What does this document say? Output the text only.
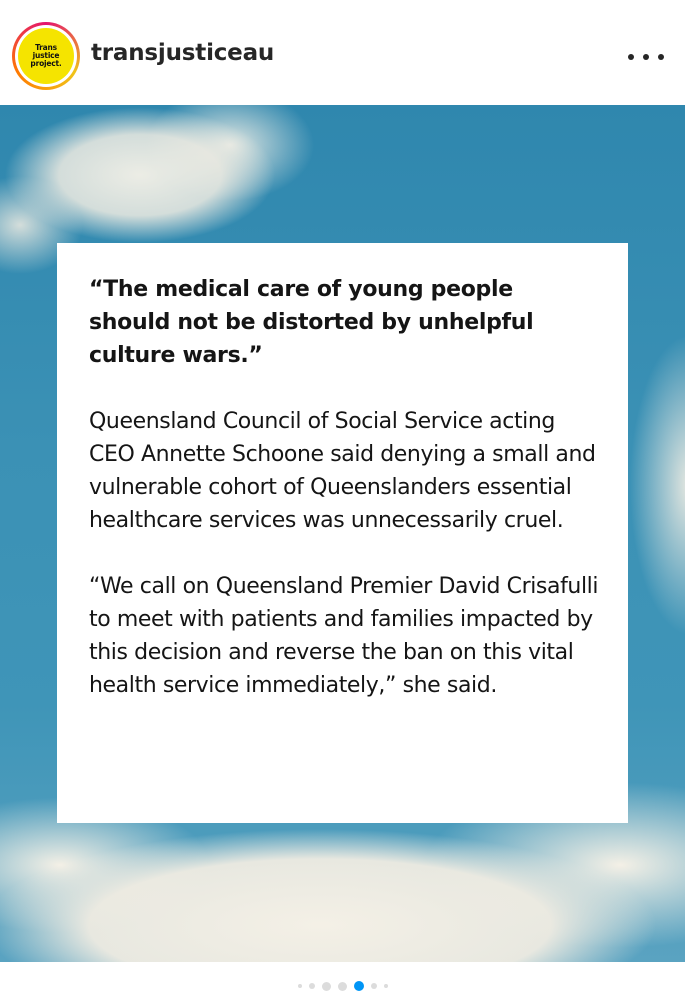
Trans
justice
project. transjusticeau

“The medical care of young people should not be distorted by unhelpful culture wars.”

Queensland Council of Social Service acting CEO Annette Schoone said denying a small and vulnerable cohort of Queenslanders essential healthcare services was unnecessarily cruel.

“We call on Queensland Premier David Crisafulli to meet with patients and families impacted by this decision and reverse the ban on this vital health service immediately,” she said.
